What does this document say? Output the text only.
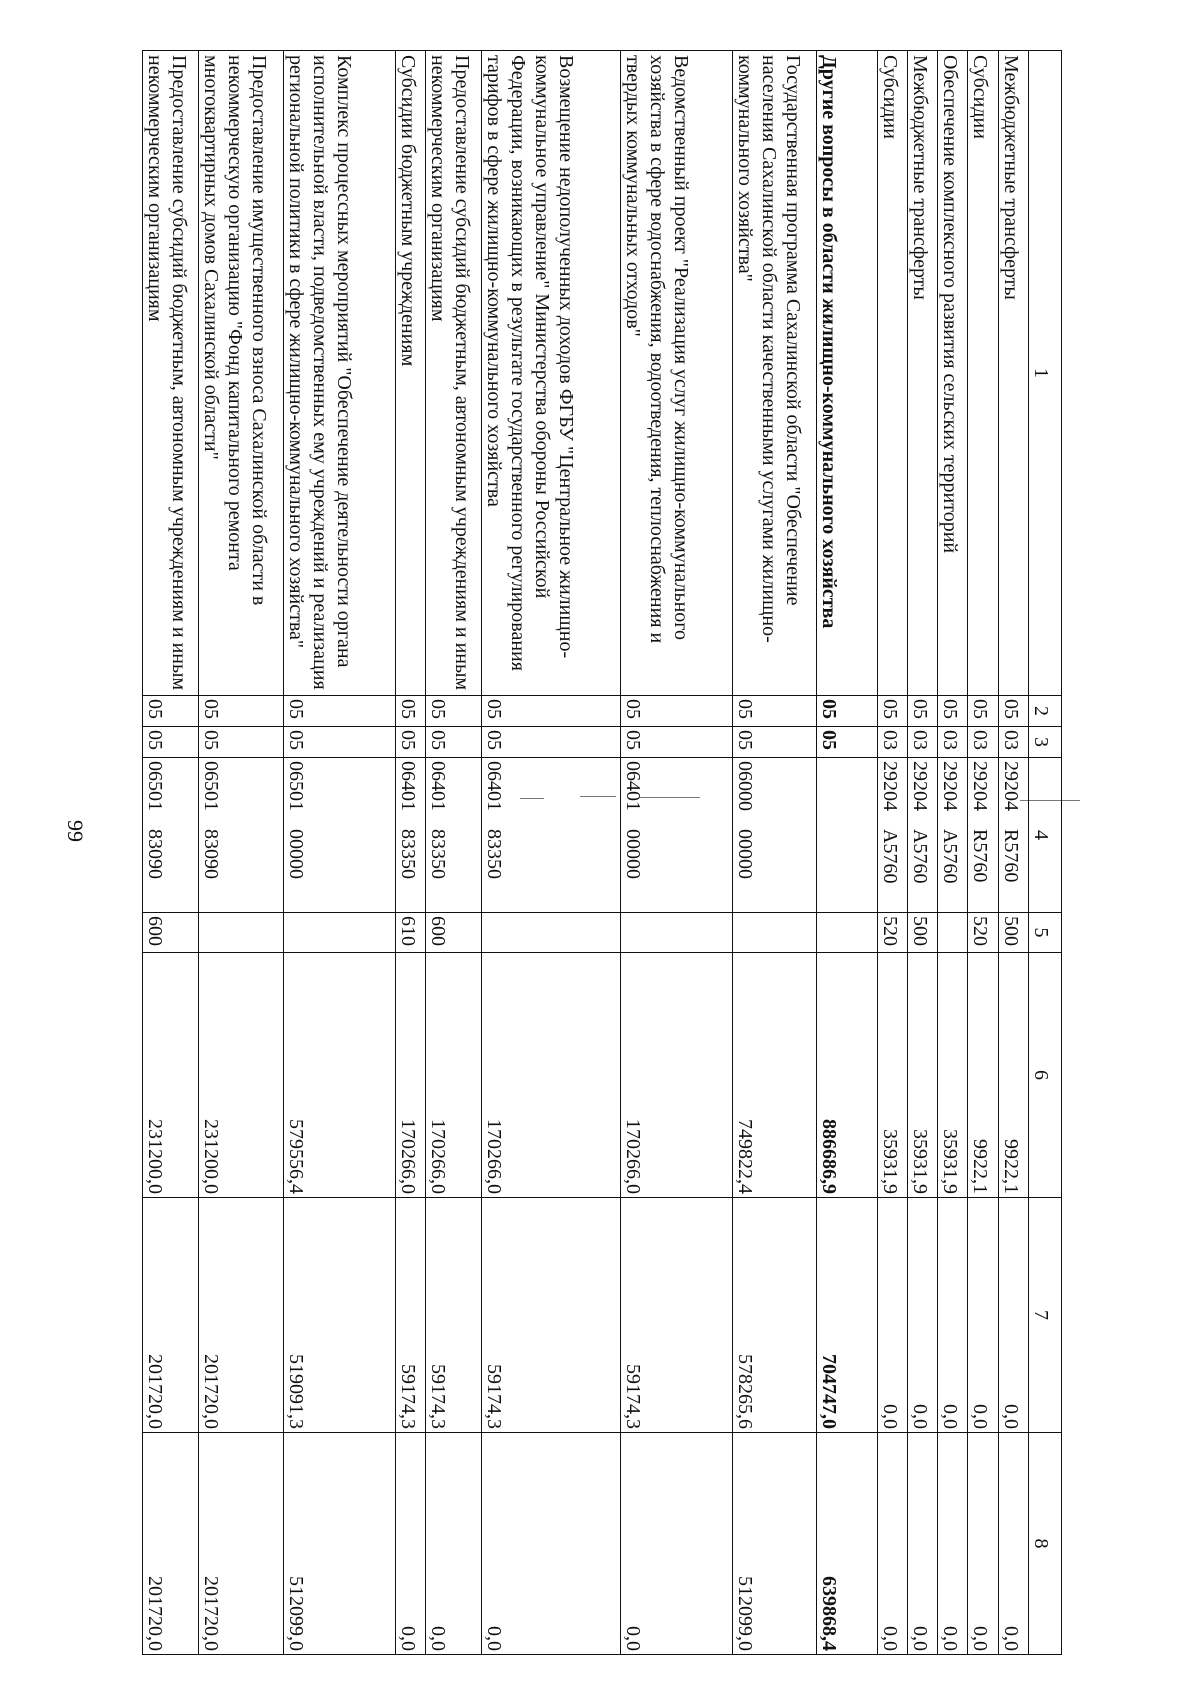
99
1	2	3	4	5	6	7	8
Межбюджетные трансферты	05	03	29204R5760	500	9922,1	0,0	0,0
Субсидии	05	03	29204R5760	520	9922,1	0,0	0,0
Обеспечение комплексного развития сельских территорий	05	03	29204A5760		35931,9	0,0	0,0
Межбюджетные трансферты	05	03	29204A5760	500	35931,9	0,0	0,0
Субсидии	05	03	29204A5760	520	35931,9	0,0	0,0
Другие вопросы в области жилищно-коммунального хозяйства	05	05			886686,9	704747,0	639868,4
Государственная программа Сахалинской области "Обеспечение населения Сахалинской области качественными услугами жилищно-коммунального хозяйства"	05	05	0600000000		749822,4	578265,6	512099,0
Ведомственный проект "Реализация услуг жилищно-коммунального хозяйства в сфере водоснабжения, водоотведения, теплоснабжения и твердых коммунальных отходов"	05	05	0640100000		170266,0	59174,3	0,0
Возмещение недополученных доходов ФГБУ "Центральное жилищно-коммунальное управление" Министерства обороны Российской Федерации, возникающих в результате государственного регулирования тарифов в сфере жилищно-коммунального хозяйства	05	05	0640183350		170266,0	59174,3	0,0
Предоставление субсидий бюджетным, автономным учреждениям и иным некоммерческим организациям	05	05	0640183350	600	170266,0	59174,3	0,0
Субсидии бюджетным учреждениям	05	05	0640183350	610	170266,0	59174,3	0,0
Комплекс процессных мероприятий "Обеспечение деятельности органа исполнительной власти, подведомственных ему учреждений и реализация региональной политики в сфере жилищно-коммунального хозяйства"	05	05	0650100000		579556,4	519091,3	512099,0
Предоставление имущественного взноса Сахалинской области в некоммерческую организацию "Фонд капитального ремонта многоквартирных домов Сахалинской области"	05	05	0650183090		231200,0	201720,0	201720,0
Предоставление субсидий бюджетным, автономным учреждениям и иным некоммерческим организациям	05	05	0650183090	600	231200,0	201720,0	201720,0
